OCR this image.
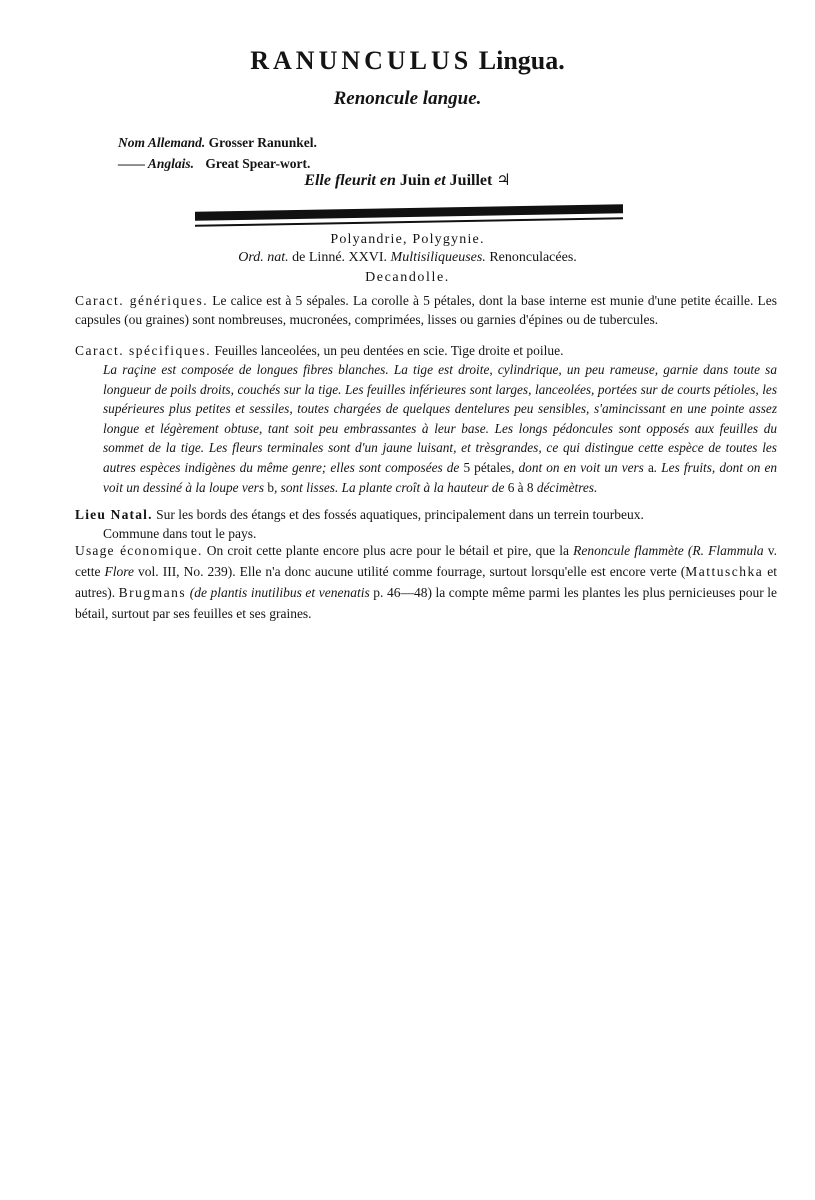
RANUNCULUS Lingua.
Renoncule langue.
Nom Allemand. Grosser Ranunkel.
—— Anglais. Great Spear-wort.
Elle fleurit en Juin et Juillet ♃
Polyandrie, Polygynie.
Ord. nat. de Linné. XXVI. Multisiliqueuses. Renonculacées.
Decandolle.
Caract. génériques. Le calice est à 5 sépales. La corolle à 5 pétales, dont la base interne est munie d'une petite écaille. Les capsules (ou graines) sont nombreuses, mucronées, comprimées, lisses ou garnies d'épines ou de tubercules.
Caract. spécifiques. Feuilles lanceolées, un peu dentées en scie. Tige droite et poilue.
La raçine est composée de longues fibres blanches. La tige est droite, cylindrique, un peu rameuse, garnie dans toute sa longueur de poils droits, couchés sur la tige. Les feuilles inférieures sont larges, lanceolées, portées sur de courts pétioles, les supérieures plus petites et sessiles, toutes chargées de quelques dentelures peu sensibles, s'amincissant en une pointe assez longue et légèrement obtuse, tant soit peu embrassantes à leur base. Les longs pédoncules sont opposés aux feuilles du sommet de la tige. Les fleurs terminales sont d'un jaune luisant, et trèsgrandes, ce qui distingue cette espèce de toutes les autres espèces indigènes du même genre; elles sont composées de 5 pétales, dont on en voit un vers a. Les fruits, dont on en voit un dessiné à la loupe vers b, sont lisses. La plante croît à la hauteur de 6 à 8 décimètres.
Lieu Natal. Sur les bords des étangs et des fossés aquatiques, principalement dans un terrein tourbeux.
Commune dans tout le pays.
Usage économique. On croit cette plante encore plus acre pour le bétail et pire, que la Renoncule flammète (R. Flammula v. cette Flore vol. III, No. 239). Elle n'a donc aucune utilité comme fourrage, surtout lorsqu'elle est encore verte (Mattuschka et autres). Brugmans (de plantis inutilibus et venenatis p. 46—48) la compte même parmi les plantes les plus pernicieuses pour le bétail, surtout par ses feuilles et ses graines.
